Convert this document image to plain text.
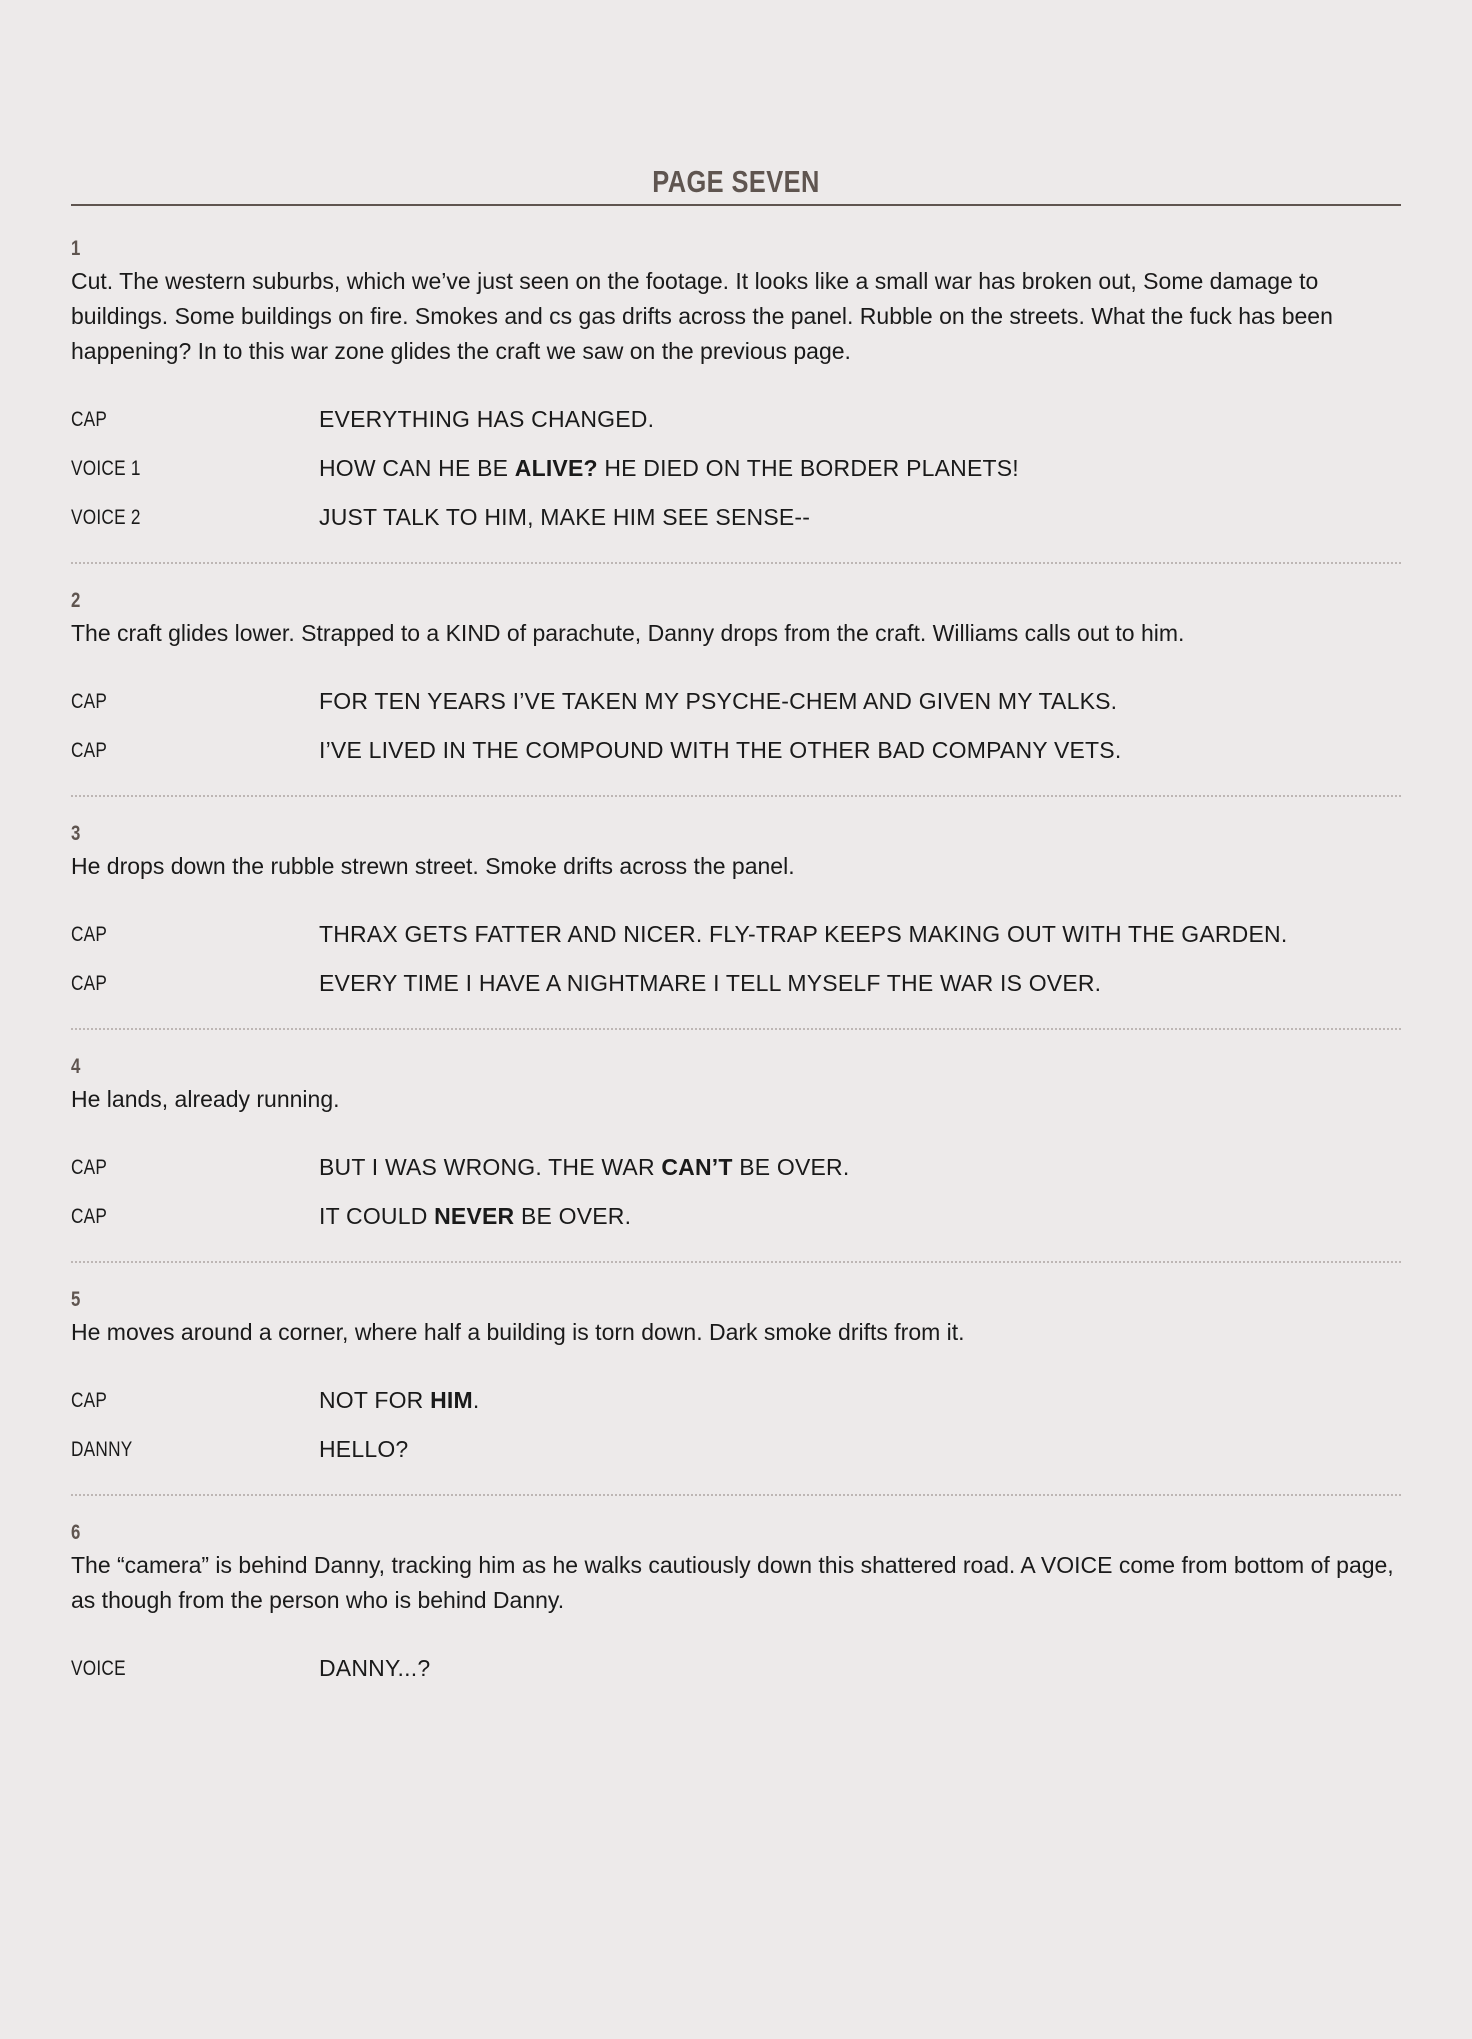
PAGE SEVEN
1
Cut. The western suburbs, which we’ve just seen on the footage. It looks like a small war has broken out, Some damage to buildings. Some buildings on fire. Smokes and cs gas drifts across the panel. Rubble on the streets. What the fuck has been happening? In to this war zone glides the craft we saw on the previous page.
CAP	EVERYTHING HAS CHANGED.
VOICE 1	HOW CAN HE BE ALIVE? HE DIED ON THE BORDER PLANETS!
VOICE 2	JUST TALK TO HIM, MAKE HIM SEE SENSE--
2
The craft glides lower. Strapped to a KIND of parachute, Danny drops from the craft. Williams calls out to him.
CAP	FOR TEN YEARS I’VE TAKEN MY PSYCHE-CHEM AND GIVEN MY TALKS.
CAP	I’VE LIVED IN THE COMPOUND WITH THE OTHER BAD COMPANY VETS.
3
He drops down the rubble strewn street. Smoke drifts across the panel.
CAP	THRAX GETS FATTER AND NICER. FLY-TRAP KEEPS MAKING OUT WITH THE GARDEN.
CAP	EVERY TIME I HAVE A NIGHTMARE I TELL MYSELF THE WAR IS OVER.
4
He lands, already running.
CAP	BUT I WAS WRONG. THE WAR CAN’T BE OVER.
CAP	IT COULD NEVER BE OVER.
5
He moves around a corner, where half a building is torn down. Dark smoke drifts from it.
CAP	NOT FOR HIM.
DANNY	HELLO?
6
The “camera” is behind Danny, tracking him as he walks cautiously down this shattered road. A VOICE come from bottom of page, as though from the person who is behind Danny.
VOICE	DANNY...?
